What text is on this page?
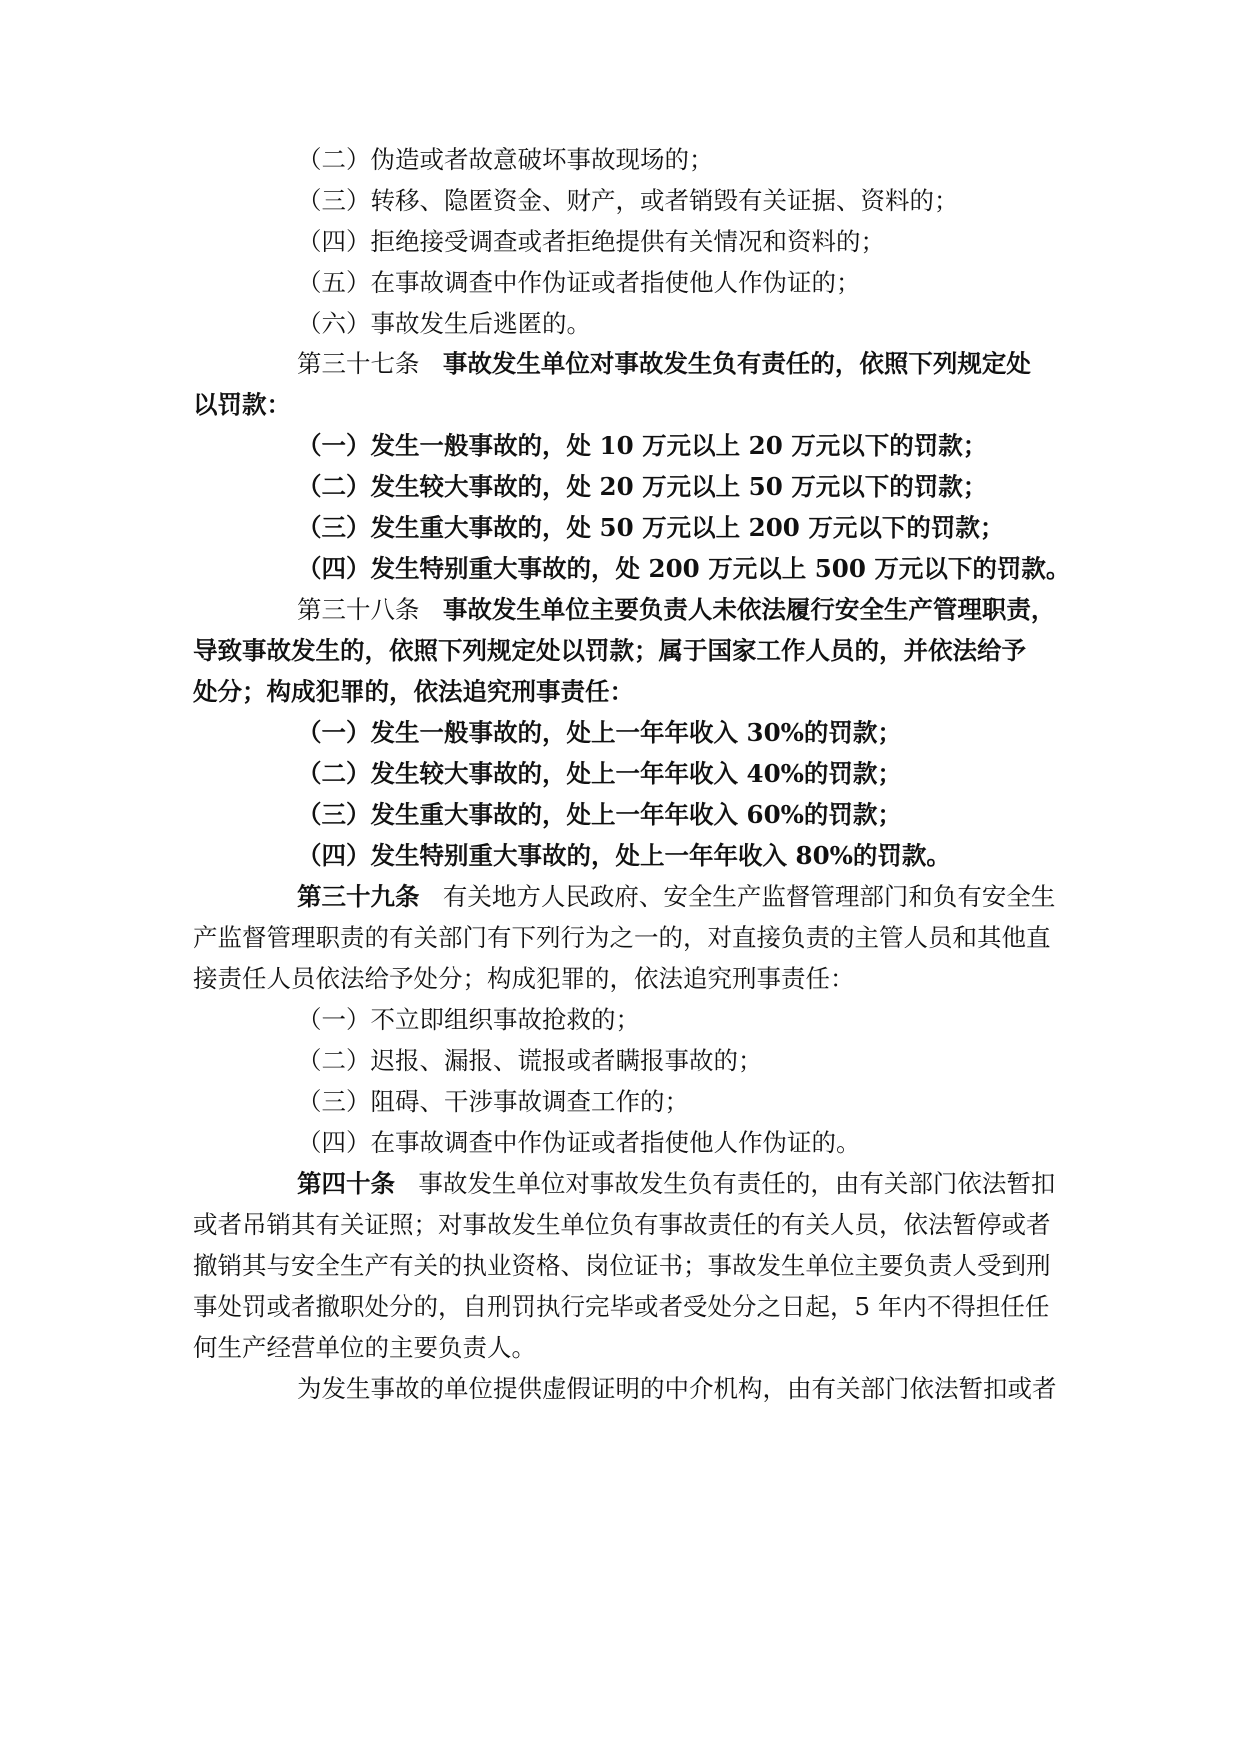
（二）伪造或者故意破坏事故现场的；
（三）转移、隐匿资金、财产，或者销毁有关证据、资料的；
（四）拒绝接受调查或者拒绝提供有关情况和资料的；
（五）在事故调查中作伪证或者指使他人作伪证的；
（六）事故发生后逃匿的。
第三十七条 事故发生单位对事故发生负有责任的，依照下列规定处
以罚款：
（一）发生一般事故的，处 10 万元以上 20 万元以下的罚款；
（二）发生较大事故的，处 20 万元以上 50 万元以下的罚款；
（三）发生重大事故的，处 50 万元以上 200 万元以下的罚款；
（四）发生特别重大事故的，处 200 万元以上 500 万元以下的罚款。
第三十八条 事故发生单位主要负责人未依法履行安全生产管理职责，
导致事故发生的，依照下列规定处以罚款；属于国家工作人员的，并依法给予
处分；构成犯罪的，依法追究刑事责任：
（一）发生一般事故的，处上一年年收入 30%的罚款；
（二）发生较大事故的，处上一年年收入 40%的罚款；
（三）发生重大事故的，处上一年年收入 60%的罚款；
（四）发生特别重大事故的，处上一年年收入 80%的罚款。
第三十九条 有关地方人民政府、安全生产监督管理部门和负有安全生
产监督管理职责的有关部门有下列行为之一的，对直接负责的主管人员和其他直
接责任人员依法给予处分；构成犯罪的，依法追究刑事责任：
（一）不立即组织事故抢救的；
（二）迟报、漏报、谎报或者瞒报事故的；
（三）阻碍、干涉事故调查工作的；
（四）在事故调查中作伪证或者指使他人作伪证的。
第四十条 事故发生单位对事故发生负有责任的，由有关部门依法暂扣
或者吊销其有关证照；对事故发生单位负有事故责任的有关人员，依法暂停或者
撤销其与安全生产有关的执业资格、岗位证书；事故发生单位主要负责人受到刑
事处罚或者撤职处分的，自刑罚执行完毕或者受处分之日起，5 年内不得担任任
何生产经营单位的主要负责人。
为发生事故的单位提供虚假证明的中介机构，由有关部门依法暂扣或者
